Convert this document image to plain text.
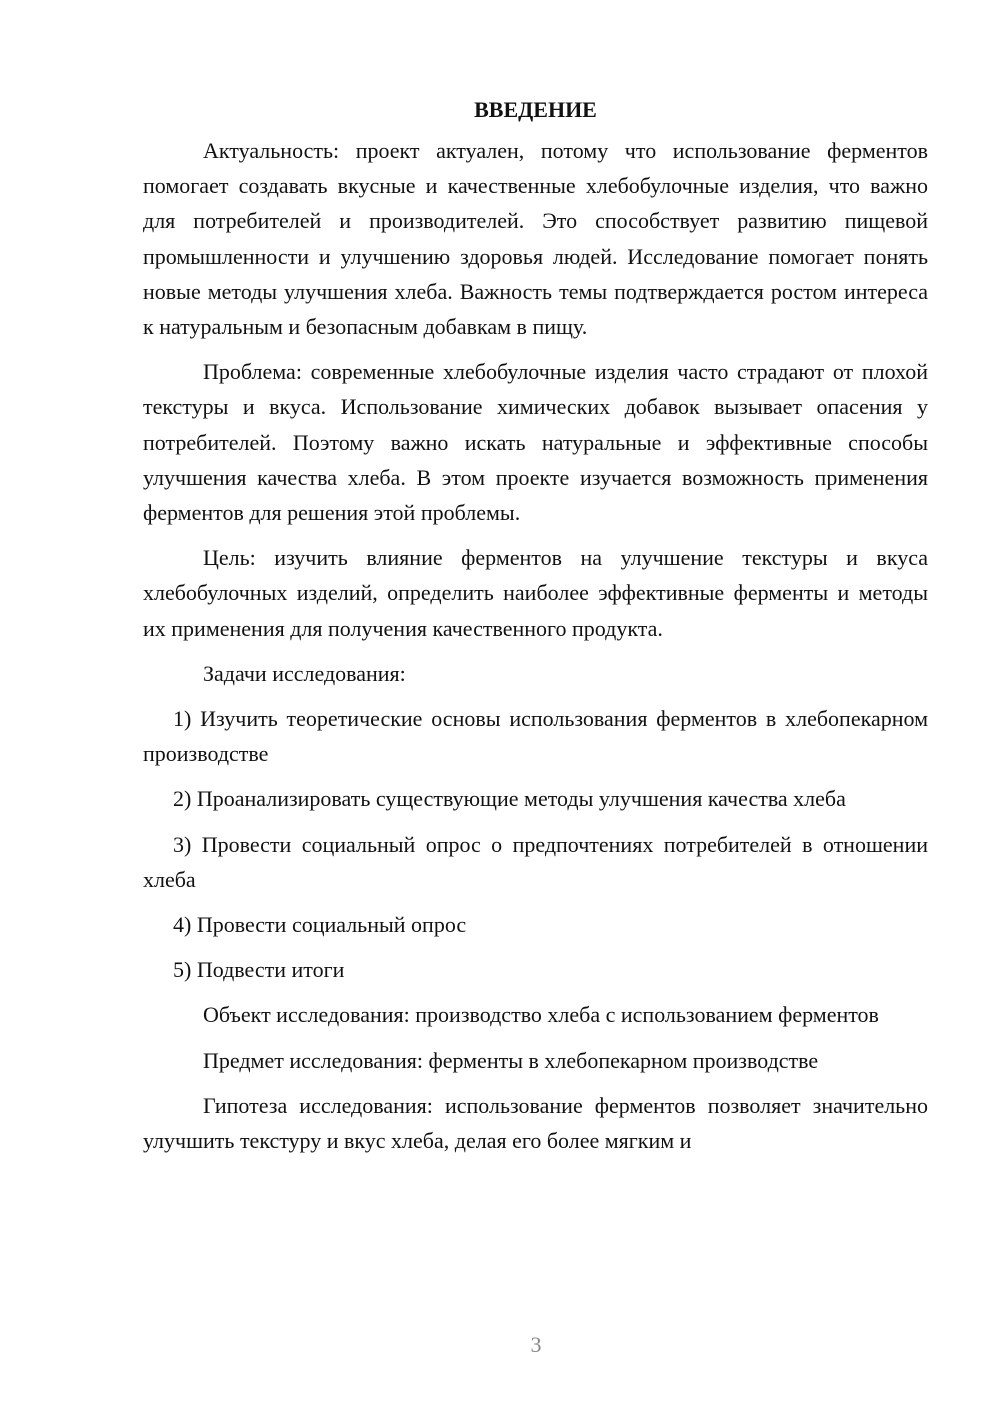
ВВЕДЕНИЕ

Актуальность: проект актуален, потому что использование ферментов помогает создавать вкусные и качественные хлебобулочные изделия, что важно для потребителей и производителей. Это способствует развитию пищевой промышленности и улучшению здоровья людей. Исследование помогает понять новые методы улучшения хлеба. Важность темы подтверждается ростом интереса к натуральным и безопасным добавкам в пищу.

Проблема: современные хлебобулочные изделия часто страдают от плохой текстуры и вкуса. Использование химических добавок вызывает опасения у потребителей. Поэтому важно искать натуральные и эффективные способы улучшения качества хлеба. В этом проекте изучается возможность применения ферментов для решения этой проблемы.

Цель: изучить влияние ферментов на улучшение текстуры и вкуса хлебобулочных изделий, определить наиболее эффективные ферменты и методы их применения для получения качественного продукта.

Задачи исследования:

1) Изучить теоретические основы использования ферментов в хлебопекарном производстве

2) Проанализировать существующие методы улучшения качества хлеба

3) Провести социальный опрос о предпочтениях потребителей в отношении хлеба

4) Провести социальный опрос

5) Подвести итоги

Объект исследования: производство хлеба с использованием ферментов

Предмет исследования: ферменты в хлебопекарном производстве

Гипотеза исследования: использование ферментов позволяет значительно улучшить текстуру и вкус хлеба, делая его более мягким и

3
